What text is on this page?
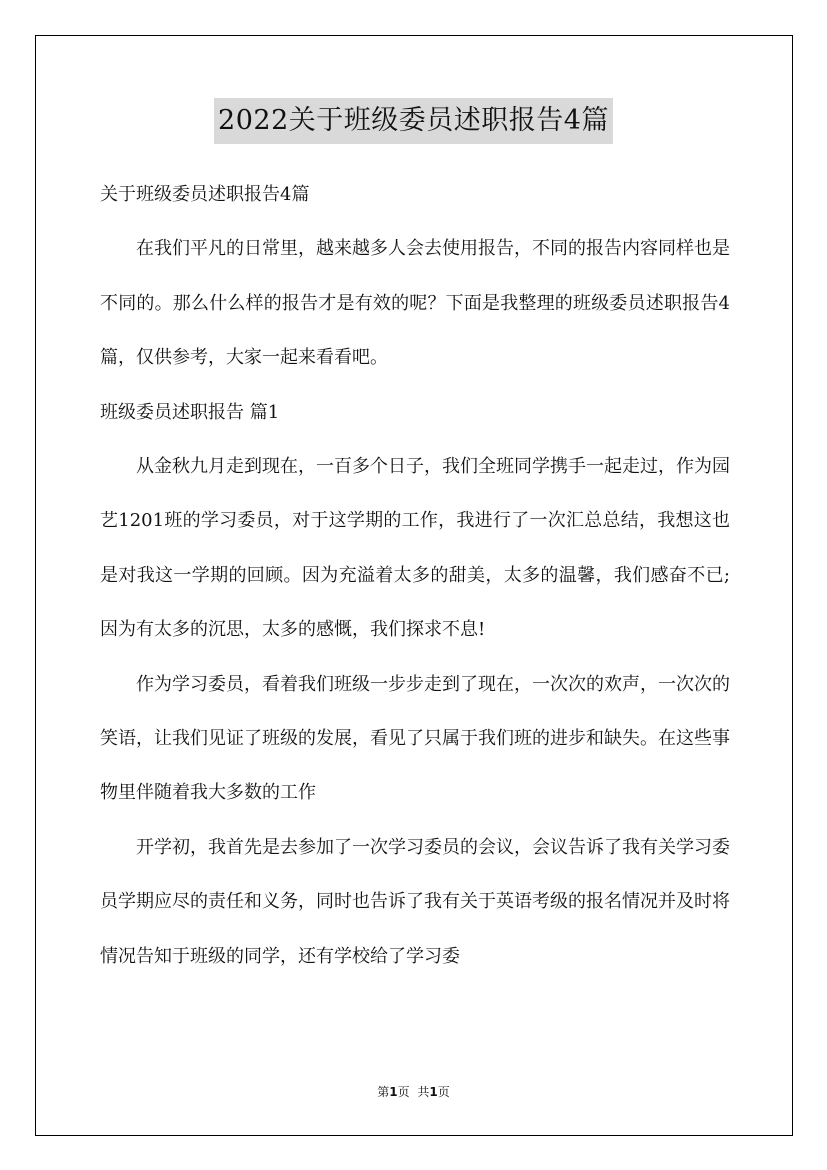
2022关于班级委员述职报告4篇

关于班级委员述职报告4篇

在我们平凡的日常里，越来越多人会去使用报告，不同的报告内容同样也是不同的。那么什么样的报告才是有效的呢？下面是我整理的班级委员述职报告4篇，仅供参考，大家一起来看看吧。

班级委员述职报告 篇1

从金秋九月走到现在，一百多个日子，我们全班同学携手一起走过，作为园艺1201班的学习委员，对于这学期的工作，我进行了一次汇总总结，我想这也是对我这一学期的回顾。因为充溢着太多的甜美，太多的温馨，我们感奋不已;因为有太多的沉思，太多的感慨，我们探求不息!

作为学习委员，看着我们班级一步步走到了现在，一次次的欢声，一次次的笑语，让我们见证了班级的发展，看见了只属于我们班的进步和缺失。在这些事物里伴随着我大多数的工作

开学初，我首先是去参加了一次学习委员的会议，会议告诉了我有关学习委员学期应尽的责任和义务，同时也告诉了我有关于英语考级的报名情况并及时将情况告知于班级的同学，还有学校给了学习委

第1页 共1页
